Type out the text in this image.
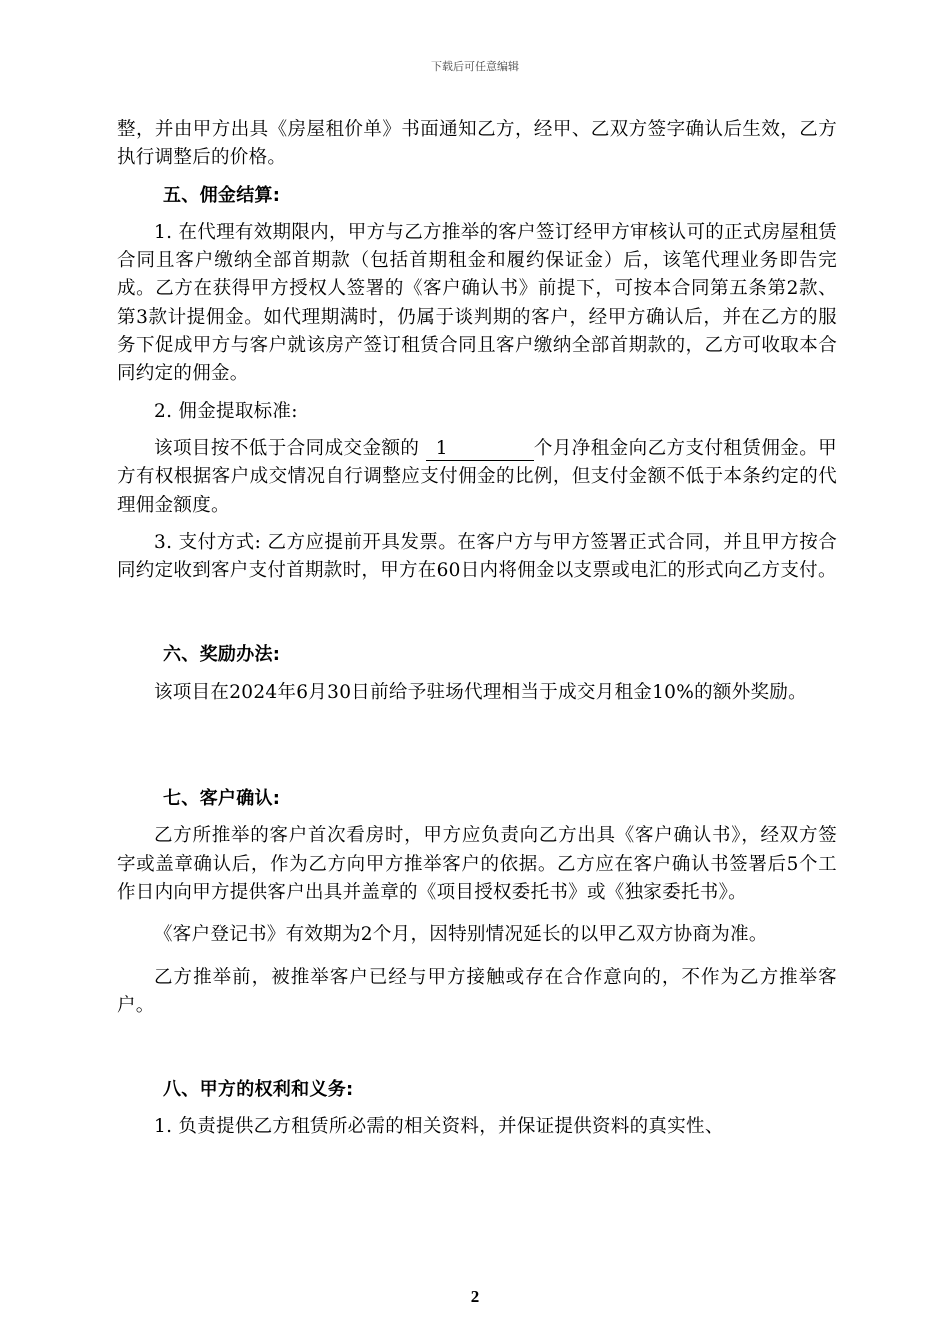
下载后可任意编辑

整，并由甲方出具《房屋租价单》书面通知乙方，经甲、乙双方签字确认后生效，乙方执行调整后的价格。

五、佣金结算:

1. 在代理有效期限内，甲方与乙方推举的客户签订经甲方审核认可的正式房屋租赁合同且客户缴纳全部首期款（包括首期租金和履约保证金）后，该笔代理业务即告完成。乙方在获得甲方授权人签署的《客户确认书》前提下，可按本合同第五条第2款、第3款计提佣金。如代理期满时，仍属于谈判期的客户，经甲方确认后，并在乙方的服务下促成甲方与客户就该房产签订租赁合同且客户缴纳全部首期款的，乙方可收取本合同约定的佣金。

2. 佣金提取标准:

该项目按不低于合同成交金额的 1	个月净租金向乙方支付租赁佣金。甲方有权根据客户成交情况自行调整应支付佣金的比例，但支付金额不低于本条约定的代理佣金额度。

3. 支付方式: 乙方应提前开具发票。在客户方与甲方签署正式合同，并且甲方按合同约定收到客户支付首期款时，甲方在60日内将佣金以支票或电汇的形式向乙方支付。

六、奖励办法:

该项目在2024年6月30日前给予驻场代理相当于成交月租金10%的额外奖励。

七、客户确认:

乙方所推举的客户首次看房时，甲方应负责向乙方出具《客户确认书》，经双方签字或盖章确认后，作为乙方向甲方推举客户的依据。乙方应在客户确认书签署后5个工作日内向甲方提供客户出具并盖章的《项目授权委托书》或《独家委托书》。

《客户登记书》有效期为2个月，因特别情况延长的以甲乙双方协商为准。

乙方推举前，被推举客户已经与甲方接触或存在合作意向的，不作为乙方推举客户。

八、甲方的权利和义务:

1. 负责提供乙方租赁所必需的相关资料，并保证提供资料的真实性、

2
